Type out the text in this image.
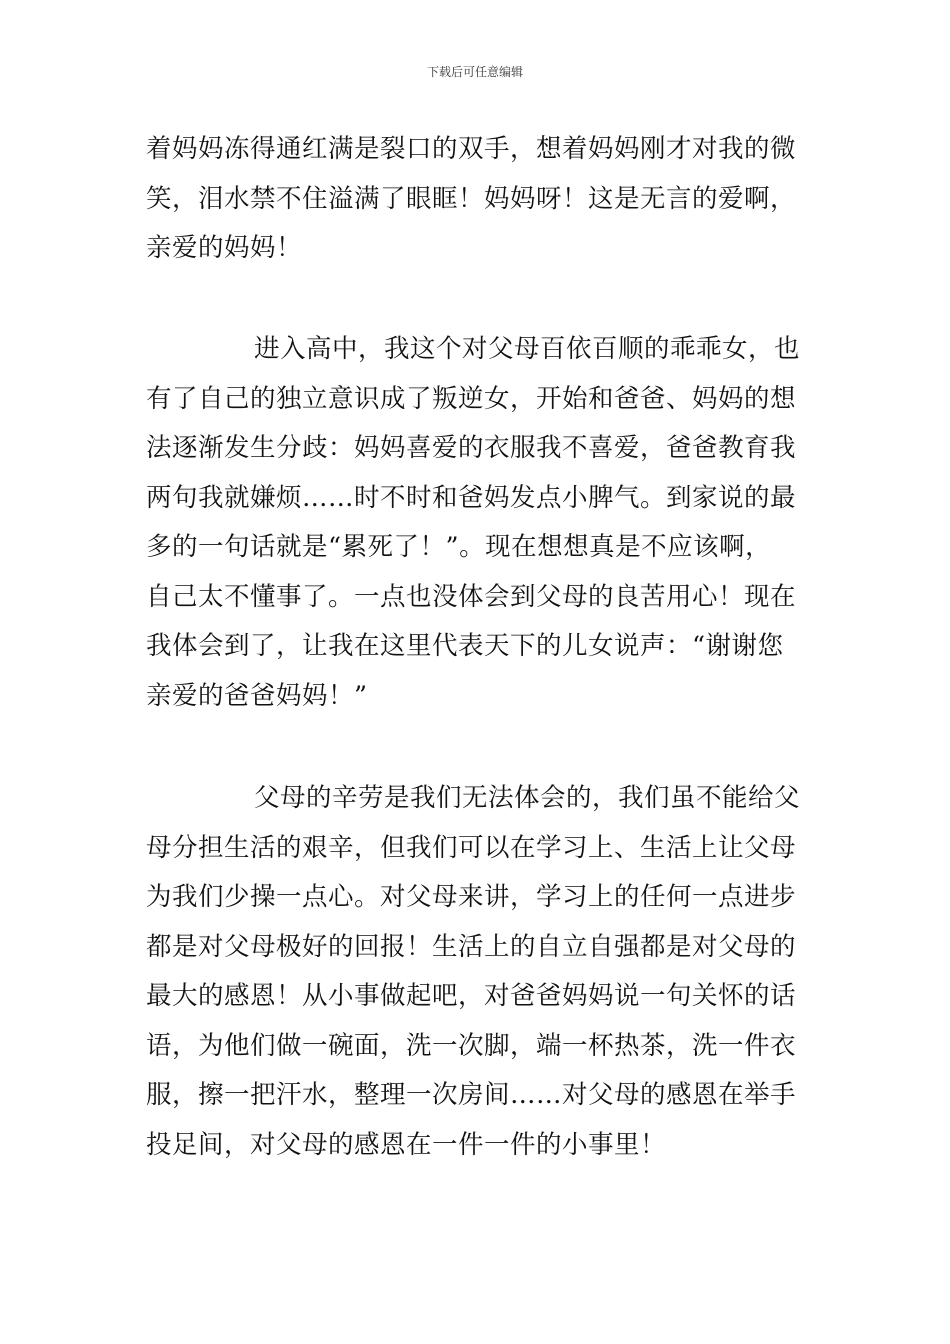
下载后可任意编辑
着妈妈冻得通红满是裂口的双手，想着妈妈刚才对我的微
笑，泪水禁不住溢满了眼眶！妈妈呀！这是无言的爱啊，
亲爱的妈妈！
进入高中，我这个对父母百依百顺的乖乖女，也
有了自己的独立意识成了叛逆女，开始和爸爸、妈妈的想
法逐渐发生分歧：妈妈喜爱的衣服我不喜爱，爸爸教育我
两句我就嫌烦……时不时和爸妈发点小脾气。到家说的最
多的一句话就是“累死了！”。现在想想真是不应该啊，
自己太不懂事了。一点也没体会到父母的良苦用心！现在
我体会到了，让我在这里代表天下的儿女说声：“谢谢您
亲爱的爸爸妈妈！”
父母的辛劳是我们无法体会的，我们虽不能给父
母分担生活的艰辛，但我们可以在学习上、生活上让父母
为我们少操一点心。对父母来讲，学习上的任何一点进步
都是对父母极好的回报！生活上的自立自强都是对父母的
最大的感恩！从小事做起吧，对爸爸妈妈说一句关怀的话
语，为他们做一碗面，洗一次脚，端一杯热茶，洗一件衣
服，擦一把汗水，整理一次房间……对父母的感恩在举手
投足间，对父母的感恩在一件一件的小事里！
